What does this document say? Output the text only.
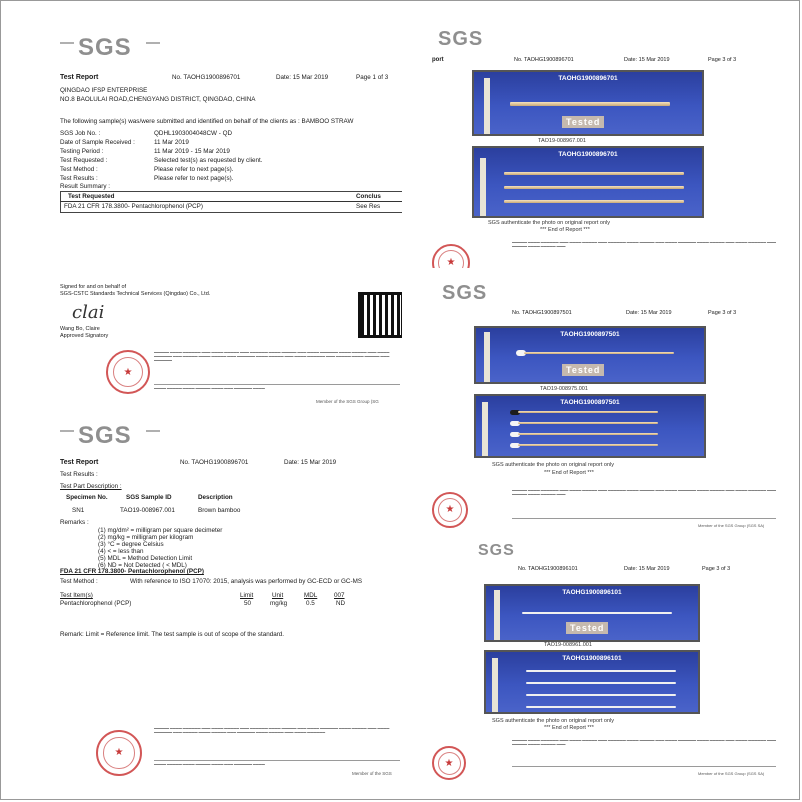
SGS
Test Report	No. TAOHG1900896701	Date: 15 Mar 2019	Page 1 of 3
QINGDAO IFSP ENTERPRISE
NO.8 BAOLULAI ROAD,CHENGYANG DISTRICT, QINGDAO, CHINA
The following sample(s) was/were submitted and identified on behalf of the clients as : BAMBOO STRAW
SGS Job No. :	QDHL1903004048CW - QD
Date of Sample Received :	11 Mar 2019
Testing Period :	11 Mar 2019 - 15 Mar 2019
Test Requested :	Selected test(s) as requested by client.
Test Method :	Please refer to next page(s).
Test Results :	Please refer to next page(s).
Result Summary :
Test Requested	Conclus
FDA 21 CFR 178.3800- Pentachlorophenol (PCP)	See Res
Signed for and on behalf of
SGS-CSTC Standards Technical Services (Qingdao) Co., Ltd.
clai
Wang Bo, Claire
Approved Signatory
★
▬▬▬▬▬ ▬▬▬▬ ▬▬▬▬▬▬ ▬▬▬ ▬▬▬▬ ▬▬▬▬▬ ▬▬▬ ▬▬▬▬▬▬ ▬▬▬▬ ▬▬▬▬▬ ▬▬▬ ▬▬▬▬ ▬▬▬▬▬▬ ▬▬▬▬ ▬▬▬▬▬ ▬▬▬ ▬▬▬▬ ▬▬▬▬▬▬ ▬▬▬ ▬▬▬▬▬ ▬▬▬▬ ▬▬▬▬▬ ▬▬▬ ▬▬▬▬▬▬ ▬▬▬▬ ▬▬▬▬▬ ▬▬▬ ▬▬▬▬ ▬▬▬▬▬▬ ▬▬▬ ▬▬▬▬▬ ▬▬▬▬ ▬▬▬▬▬ ▬▬▬ ▬▬▬▬▬▬
▬▬▬▬ ▬▬▬▬▬ ▬▬▬▬ ▬▬▬▬▬ ▬▬▬▬ ▬▬▬ ▬▬▬▬▬▬ ▬▬▬▬
Member of the SGS Group (SG
SGS
Test Report	No. TAOHG1900896701	Date: 15 Mar 2019
Test Results :
Test Part Description :
Specimen No.	SGS Sample ID	Description
SN1	TAO19-008967.001	Brown bamboo
Remarks :
(1) mg/dm² = milligram per square decimeter
(2) mg/kg = milligram per kilogram
(3) °C = degree Celsius
(4) < = less than
(5) MDL = Method Detection Limit
(6) ND = Not Detected ( < MDL)
FDA 21 CFR 178.3800- Pentachlorophenol (PCP)
Test Method :	With reference to ISO 17070: 2015, analysis was performed by GC-ECD or GC-MS
Test Item(s)	Limit	Unit	MDL	007
Pentachlorophenol (PCP)	50	mg/kg	0.5	ND
Remark: Limit = Reference limit. The test sample is out of scope of the standard.
★
▬▬▬▬▬ ▬▬▬▬ ▬▬▬▬▬▬ ▬▬▬ ▬▬▬▬ ▬▬▬▬▬ ▬▬▬ ▬▬▬▬▬▬ ▬▬▬▬ ▬▬▬▬▬ ▬▬▬ ▬▬▬▬ ▬▬▬▬▬▬ ▬▬▬▬ ▬▬▬▬▬ ▬▬▬ ▬▬▬▬ ▬▬▬▬▬▬ ▬▬▬ ▬▬▬▬▬ ▬▬▬▬ ▬▬▬▬▬ ▬▬▬ ▬▬▬▬▬▬ ▬▬▬▬ ▬▬▬▬▬ ▬▬▬ ▬▬▬▬ ▬▬▬▬▬▬
▬▬▬▬ ▬▬▬▬▬ ▬▬▬▬ ▬▬▬▬▬ ▬▬▬▬ ▬▬▬ ▬▬▬▬▬▬ ▬▬▬▬
Member of the SGS
SGS
port	No. TAOHG1900896701	Date: 15 Mar 2019	Page 3 of 3
TAOHG1900896701
Tested
TAO19-008967.001
TAOHG1900896701
SGS authenticate the photo on original report only
*** End of Report ***
★
▬▬▬▬▬ ▬▬▬▬ ▬▬▬▬▬▬ ▬▬▬ ▬▬▬▬ ▬▬▬▬▬ ▬▬▬ ▬▬▬▬▬▬ ▬▬▬▬ ▬▬▬▬▬ ▬▬▬ ▬▬▬▬ ▬▬▬▬▬▬ ▬▬▬▬ ▬▬▬▬▬ ▬▬▬ ▬▬▬▬ ▬▬▬▬▬▬ ▬▬▬ ▬▬▬▬▬ ▬▬▬▬ ▬▬▬▬▬ ▬▬▬
SGS
No. TAOHG1900897501	Date: 15 Mar 2019	Page 3 of 3
TAOHG1900897501
Tested
TAO19-008975.001
TAOHG1900897501
SGS authenticate the photo on original report only
*** End of Report ***
★
▬▬▬▬▬ ▬▬▬▬ ▬▬▬▬▬▬ ▬▬▬ ▬▬▬▬ ▬▬▬▬▬ ▬▬▬ ▬▬▬▬▬▬ ▬▬▬▬ ▬▬▬▬▬ ▬▬▬ ▬▬▬▬ ▬▬▬▬▬▬ ▬▬▬▬ ▬▬▬▬▬ ▬▬▬ ▬▬▬▬ ▬▬▬▬▬▬ ▬▬▬ ▬▬▬▬▬ ▬▬▬▬ ▬▬▬▬▬ ▬▬▬
Member of the SGS Group (SGS SA)
SGS
No. TAOHG1900896101	Date: 15 Mar 2019	Page 3 of 3
TAOHG1900896101
Tested
TAO19-008961.001
TAOHG1900896101
SGS authenticate the photo on original report only
*** End of Report ***
★
▬▬▬▬▬ ▬▬▬▬ ▬▬▬▬▬▬ ▬▬▬ ▬▬▬▬ ▬▬▬▬▬ ▬▬▬ ▬▬▬▬▬▬ ▬▬▬▬ ▬▬▬▬▬ ▬▬▬ ▬▬▬▬ ▬▬▬▬▬▬ ▬▬▬▬ ▬▬▬▬▬ ▬▬▬ ▬▬▬▬ ▬▬▬▬▬▬ ▬▬▬ ▬▬▬▬▬ ▬▬▬▬ ▬▬▬▬▬ ▬▬▬
Member of the SGS Group (SGS SA)
